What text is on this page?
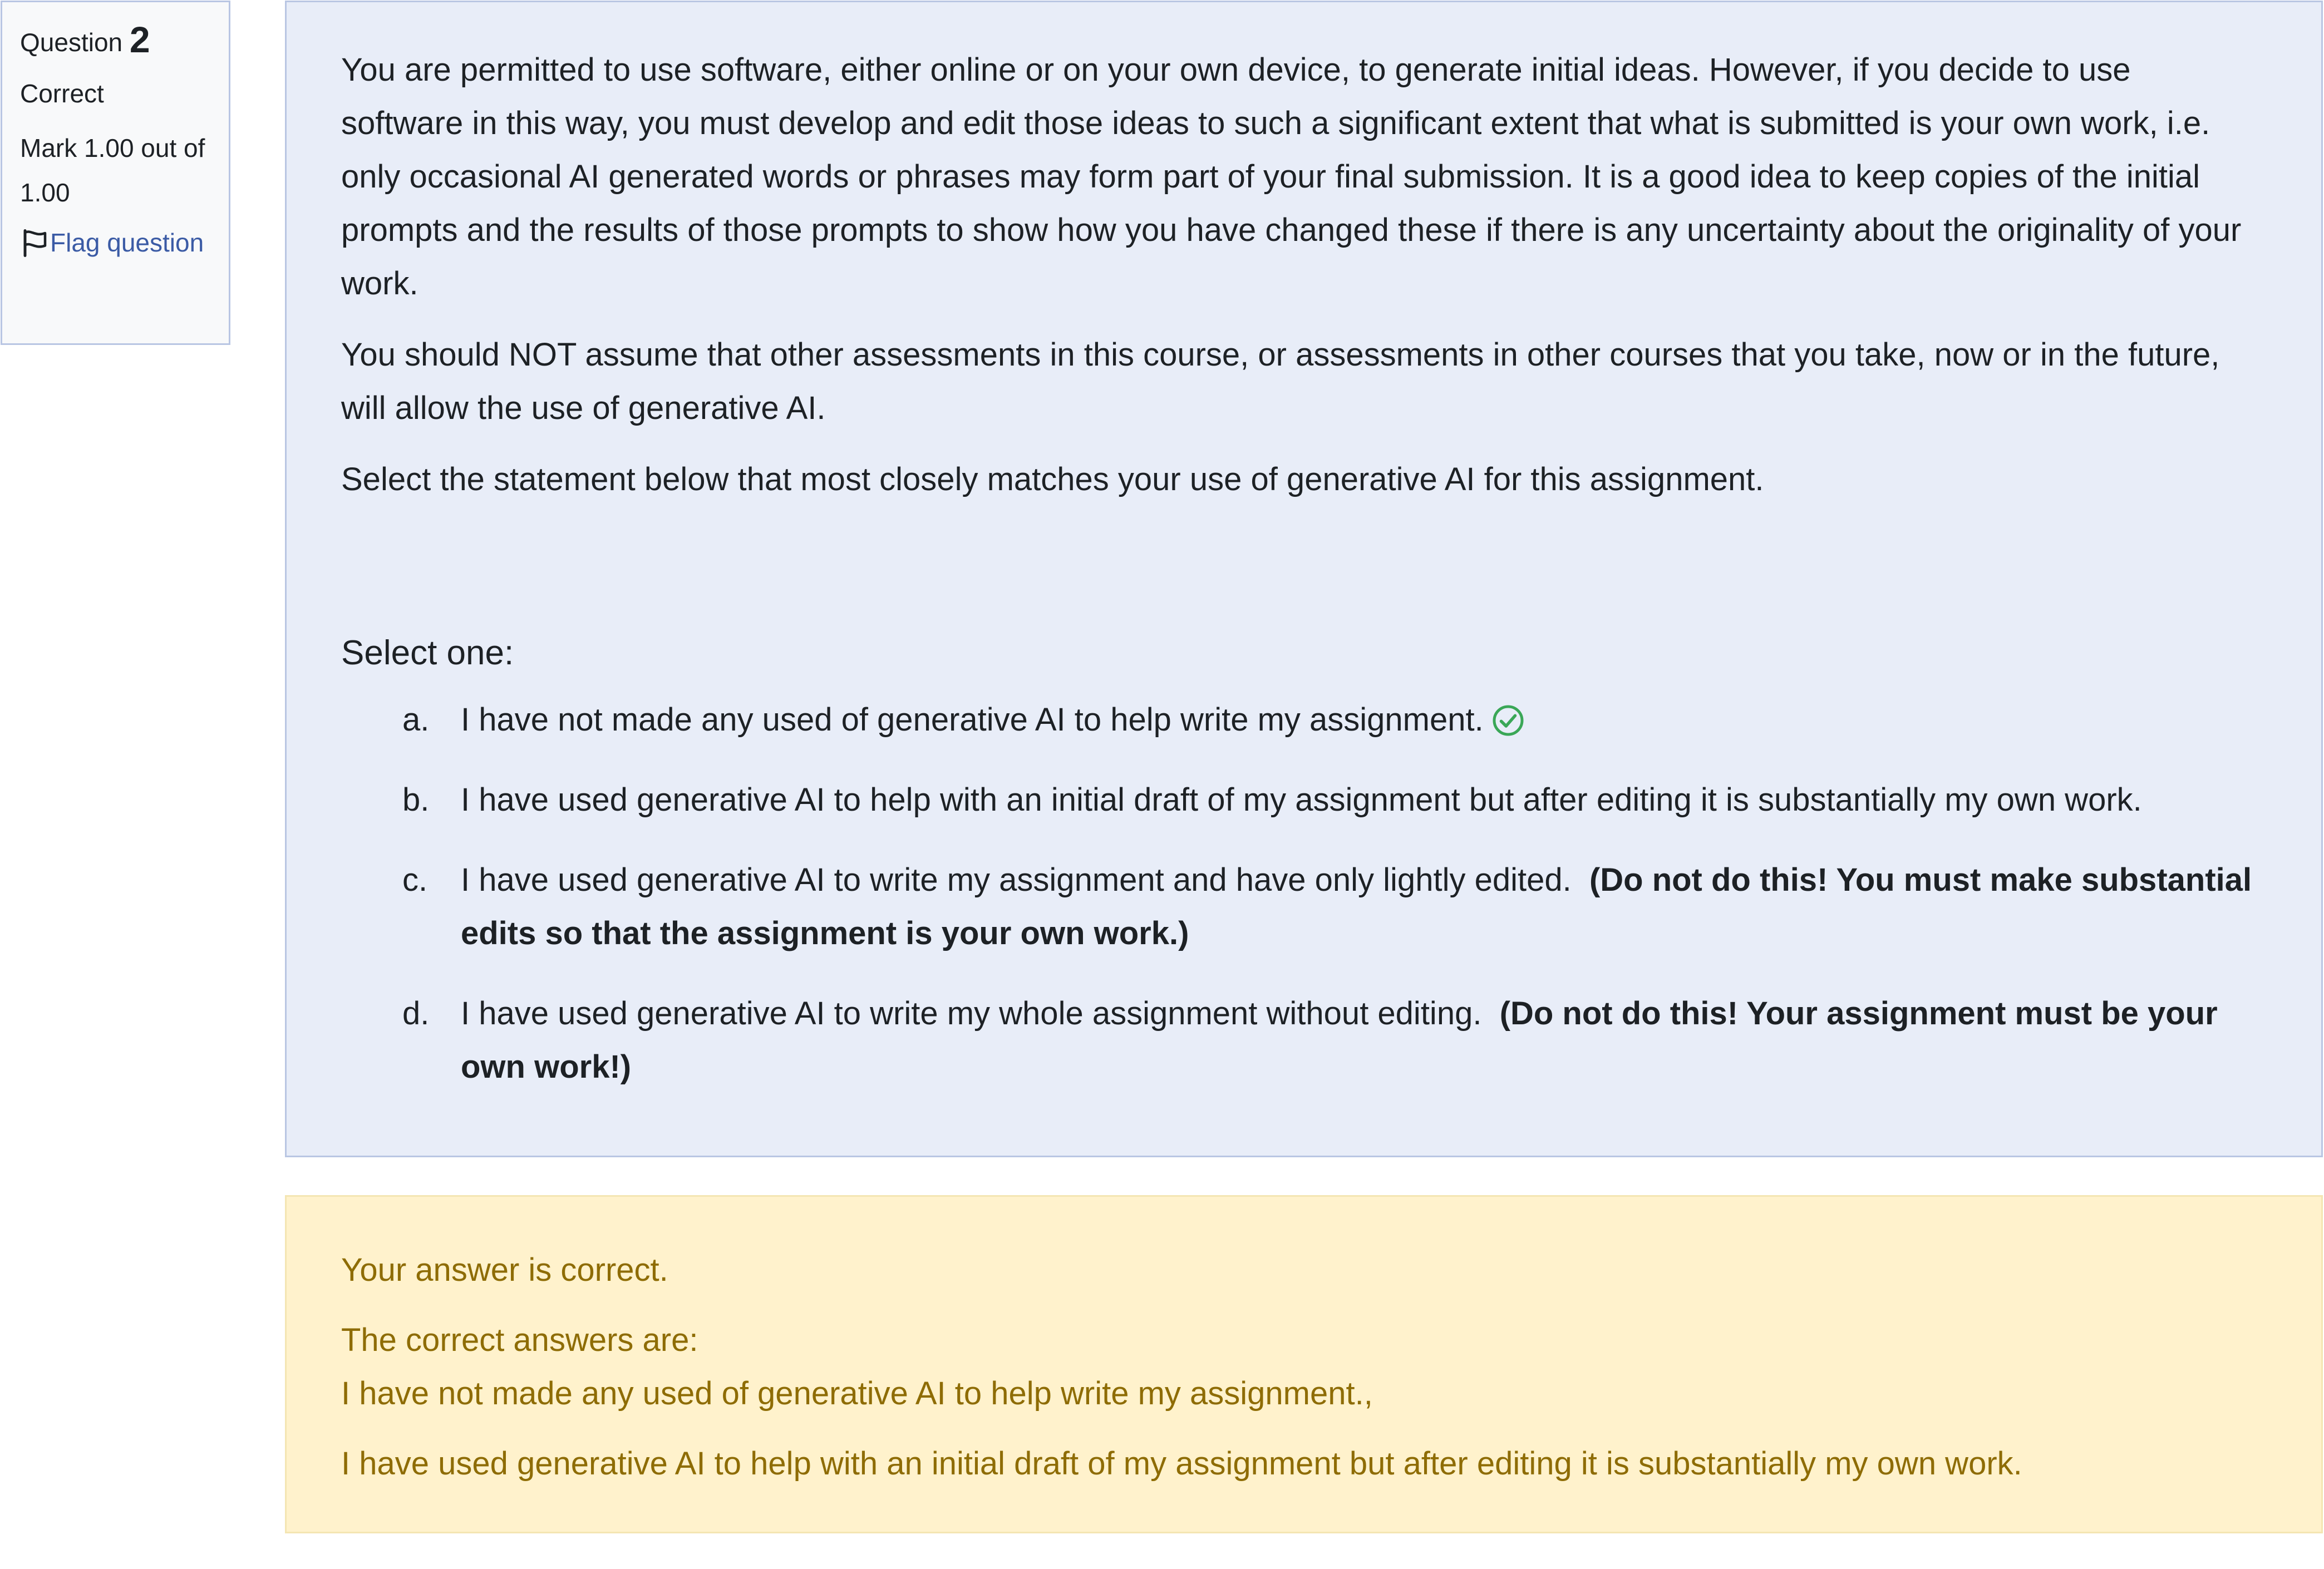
Question 2
Correct
Mark 1.00 out of 1.00
Flag question

You are permitted to use software, either online or on your own device, to generate initial ideas. However, if you decide to use software in this way, you must develop and edit those ideas to such a significant extent that what is submitted is your own work, i.e. only occasional AI generated words or phrases may form part of your final submission. It is a good idea to keep copies of the initial prompts and the results of those prompts to show how you have changed these if there is any uncertainty about the originality of your work.

You should NOT assume that other assessments in this course, or assessments in other courses that you take, now or in the future, will allow the use of generative AI.

Select the statement below that most closely matches your use of generative AI for this assignment.

Select one:
a. I have not made any used of generative AI to help write my assignment.
b. I have used generative AI to help with an initial draft of my assignment but after editing it is substantially my own work.
c.	I have used generative AI to write my assignment and have only lightly edited. (Do not do this! You must make substantial edits so that the assignment is your own work.)
d. I have used generative AI to write my whole assignment without editing. (Do not do this! Your assignment must be your own work!)

Your answer is correct.

The correct answers are:

I have not made any used of generative AI to help write my assignment.,

I have used generative AI to help with an initial draft of my assignment but after editing it is substantially my own work.
